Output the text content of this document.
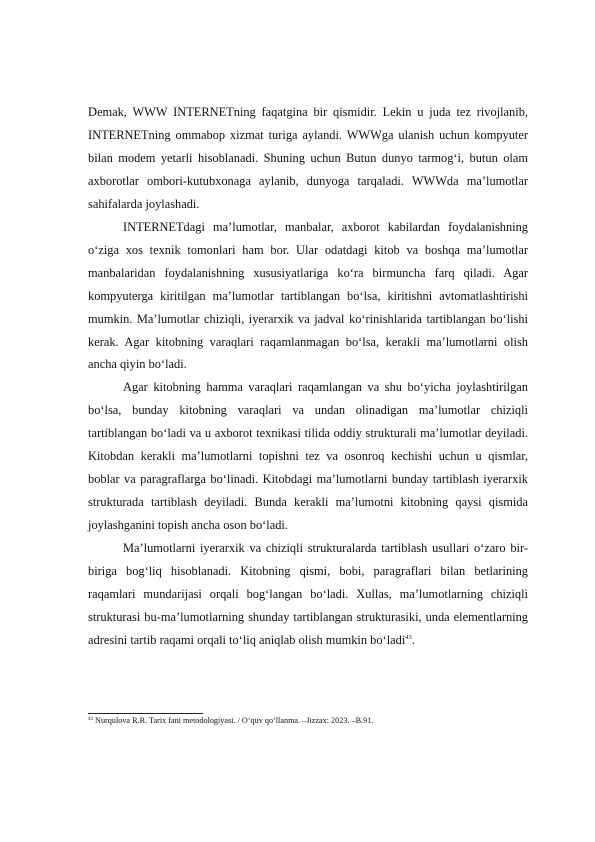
Demak, WWW INTERNETning faqatgina bir qismidir. Lekin u juda tez rivojlanib, INTERNETning ommabop xizmat turiga aylandi. WWWga ulanish uchun kompyuter bilan modem yetarli hisoblanadi. Shuning uchun Butun dunyo tarmog‘i, butun olam axborotlar ombori-kutubxonaga aylanib, dunyoga tarqaladi. WWWda ma’lumotlar sahifalarda joylashadi.

INTERNETdagi ma’lumotlar, manbalar, axborot kabilardan foydalanishning o‘ziga xos texnik tomonlari ham bor. Ular odatdagi kitob va boshqa ma’lumotlar manbalaridan foydalanishning xususiyatlariga ko‘ra birmuncha farq qiladi. Agar kompyuterga kiritilgan ma’lumotlar tartiblangan bo‘lsa, kiritishni avtomatlashtirishi mumkin. Ma’lumotlar chiziqli, iyerarxik va jadval ko‘rinishlarida tartiblangan bo‘lishi kerak. Agar kitobning varaqlari raqamlanmagan bo‘lsa, kerakli ma’lumotlarni olish ancha qiyin bo‘ladi.

Agar kitobning hamma varaqlari raqamlangan va shu bo‘yicha joylashtirilgan bo‘lsa, bunday kitobning varaqlari va undan olinadigan ma’lumotlar chiziqli tartiblangan bo‘ladi va u axborot texnikasi tilida oddiy strukturali ma’lumotlar deyiladi. Kitobdan kerakli ma’lumotlarni topishni tez va osonroq kechishi uchun u qismlar, boblar va paragraflarga bo‘linadi. Kitobdagi ma’lumotlarni bunday tartiblash iyerarxik strukturada tartiblash deyiladi. Bunda kerakli ma’lumotni kitobning qaysi qismida joylashganini topish ancha oson bo‘ladi.

Ma’lumotlarni iyerarxik va chiziqli strukturalarda tartiblash usullari o‘zaro bir-biriga bog‘liq hisoblanadi. Kitobning qismi, bobi, paragraflari bilan betlarining raqamlari mundarijasi orqali bog‘langan bo‘ladi. Xullas, ma’lumotlarning chiziqli strukturasi bu-ma’lumotlarning shunday tartiblangan strukturasiki, unda elementlarning adresini tartib raqami orqali to‘liq aniqlab olish mumkin bo‘ladi$^{43}$.

$^{43}$ Nurqulova R.R. Tarix fani metodologiyasi. / O‘quv qo‘llanma. –Jizzax: 2023. –B.91.
